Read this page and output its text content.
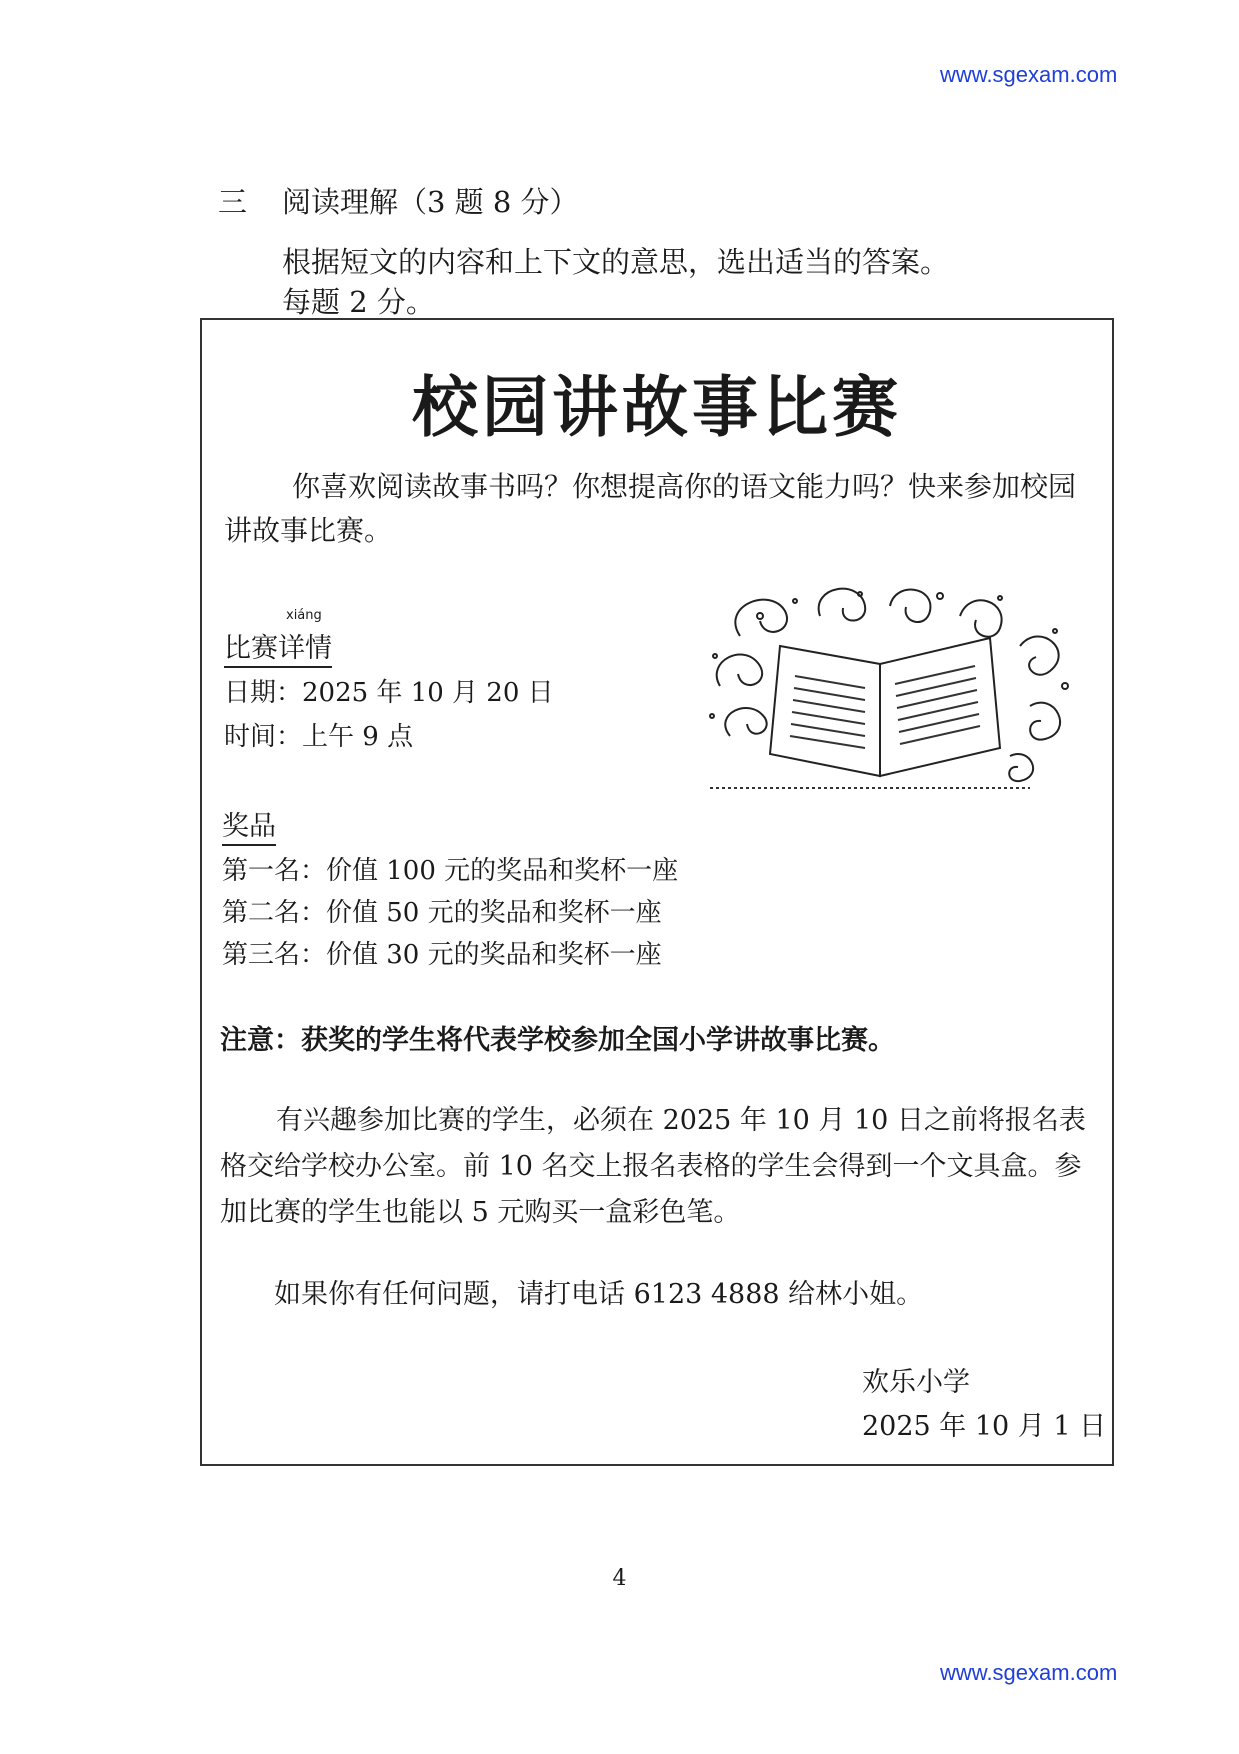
www.sgexam.com
三 阅读理解（3 题 8 分）
根据短文的内容和上下文的意思，选出适当的答案。
每题 2 分。
校园讲故事比赛
你喜欢阅读故事书吗？你想提高你的语文能力吗？快来参加校园讲故事比赛。
xiáng
比赛详情
日期：2025 年 10 月 20 日
时间：上午 9 点
奖品
第一名：价值 100 元的奖品和奖杯一座
第二名：价值 50 元的奖品和奖杯一座
第三名：价值 30 元的奖品和奖杯一座
注意：获奖的学生将代表学校参加全国小学讲故事比赛。
有兴趣参加比赛的学生，必须在 2025 年 10 月 10 日之前将报名表格交给学校办公室。前 10 名交上报名表格的学生会得到一个文具盒。参加比赛的学生也能以 5 元购买一盒彩色笔。
如果你有任何问题，请打电话 6123 4888 给林小姐。
欢乐小学
2025 年 10 月 1 日
4
www.sgexam.com
